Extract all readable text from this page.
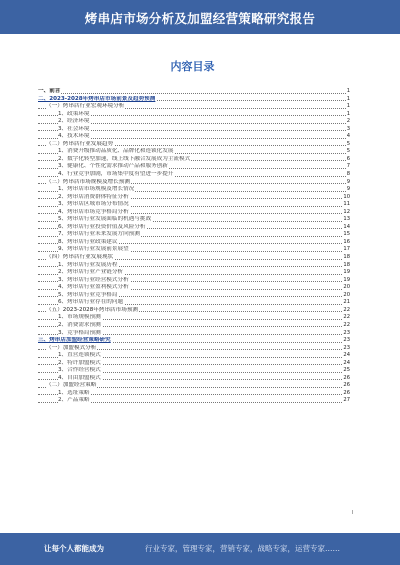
烤串店市场分析及加盟经营策略研究报告
内容目录
一、前言	1
二、2023-2028年烤串店市场前景及趋势预测	1
（一）烤串店行业宏观环境分析	1
1、政策环境	1
2、经济环境	2
3、社会环境	3
4、技术环境	4
（二）烤串店行业发展趋势	5
1、消费升级推动品质化、品牌化和连锁化发展	5
2、数字化转型加速，线上线下融合发展成为主流模式	6
3、健康化、个性化需求推动产品和服务创新	7
4、行业竞争加剧，市场集中度有望进一步提升	8
（三）烤串店市场规模及增长预测	9
1、烤串店市场规模及增长情况	9
2、烤串店消费群体特征分析	10
3、烤串店区域市场分布情况	11
4、烤串店市场竞争格局分析	12
5、烤串店行业发展面临的机遇与挑战	13
6、烤串店行业投资价值及风险分析	14
7、烤串店行业未来发展方向预测	15
8、烤串店行业政策建议	16
9、烤串店行业发展前景展望	17
（四）烤串店行业发展现状	18
1、烤串店行业发展历程	18
2、烤串店行业产业链分析	19
3、烤串店行业经营模式分析	19
4、烤串店行业盈利模式分析	20
5、烤串店行业竞争格局	20
6、烤串店行业存在的问题	21
（五）2023-2028年烤串店市场预测	22
1、市场规模预测	22
2、消费需求预测	22
3、竞争格局预测	23
三、烤串店加盟经营策略研究	23
（一）加盟模式分析	23
1、直营连锁模式	24
2、特许加盟模式	24
3、合作经营模式	25
4、自由加盟模式	26
（二）加盟经营策略	26
1、选址策略	26
2、产品策略	27
I
让每个人都能成为	行业专家，管理专家，营销专家，战略专家，运营专家……
